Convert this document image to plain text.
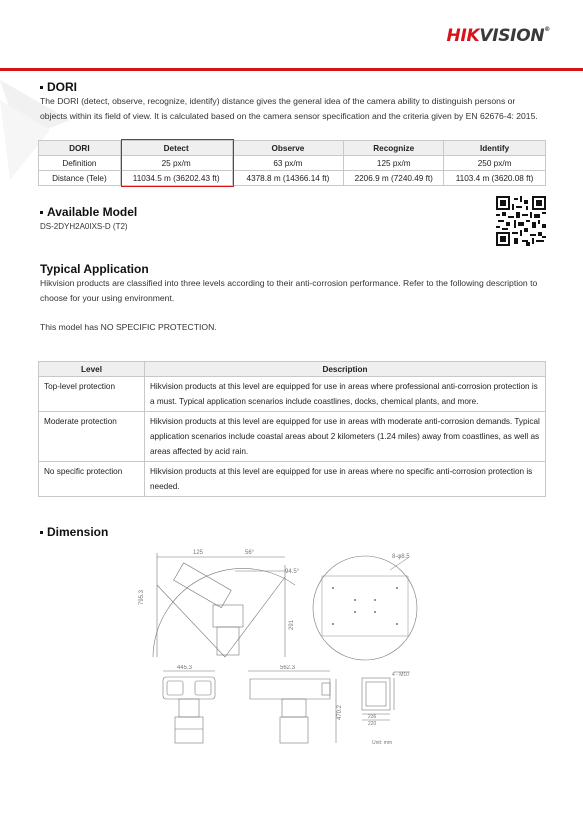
HIKVISION®
DORI
The DORI (detect, observe, recognize, identify) distance gives the general idea of the camera ability to distinguish persons or objects within its field of view. It is calculated based on the camera sensor specification and the criteria given by EN 62676-4: 2015.
DORI	Detect	Observe	Recognize	Identify
Definition	25 px/m	63 px/m	125 px/m	250 px/m
Distance (Tele)	11034.5 m (36202.43 ft)	4378.8 m (14366.14 ft)	2206.9 m (7240.49 ft)	1103.4 m (3620.08 ft)
Available Model
DS-2DYH2A0IXS-D (T2)
Typical Application
Hikvision products are classified into three levels according to their anti-corrosion performance. Refer to the following description to choose for your using environment.
This model has NO SPECIFIC PROTECTION.
Level	Description
Top-level protection	Hikvision products at this level are equipped for use in areas where professional anti-corrosion protection is a must. Typical application scenarios include coastlines, docks, chemical plants, and more.
Moderate protection	Hikvision products at this level are equipped for use in areas with moderate anti-corrosion demands. Typical application scenarios include coastal areas about 2 kilometers (1.24 miles) away from coastlines, as well as areas affected by acid rain.
No specific protection	Hikvision products at this level are equipped for use in areas where no specific anti-corrosion protection is needed.
Dimension
795.3
125	56°
94.5°
291
8-φ8.5
445.3	562.3
470.2
4 - M10
236
220
Unit: mm
